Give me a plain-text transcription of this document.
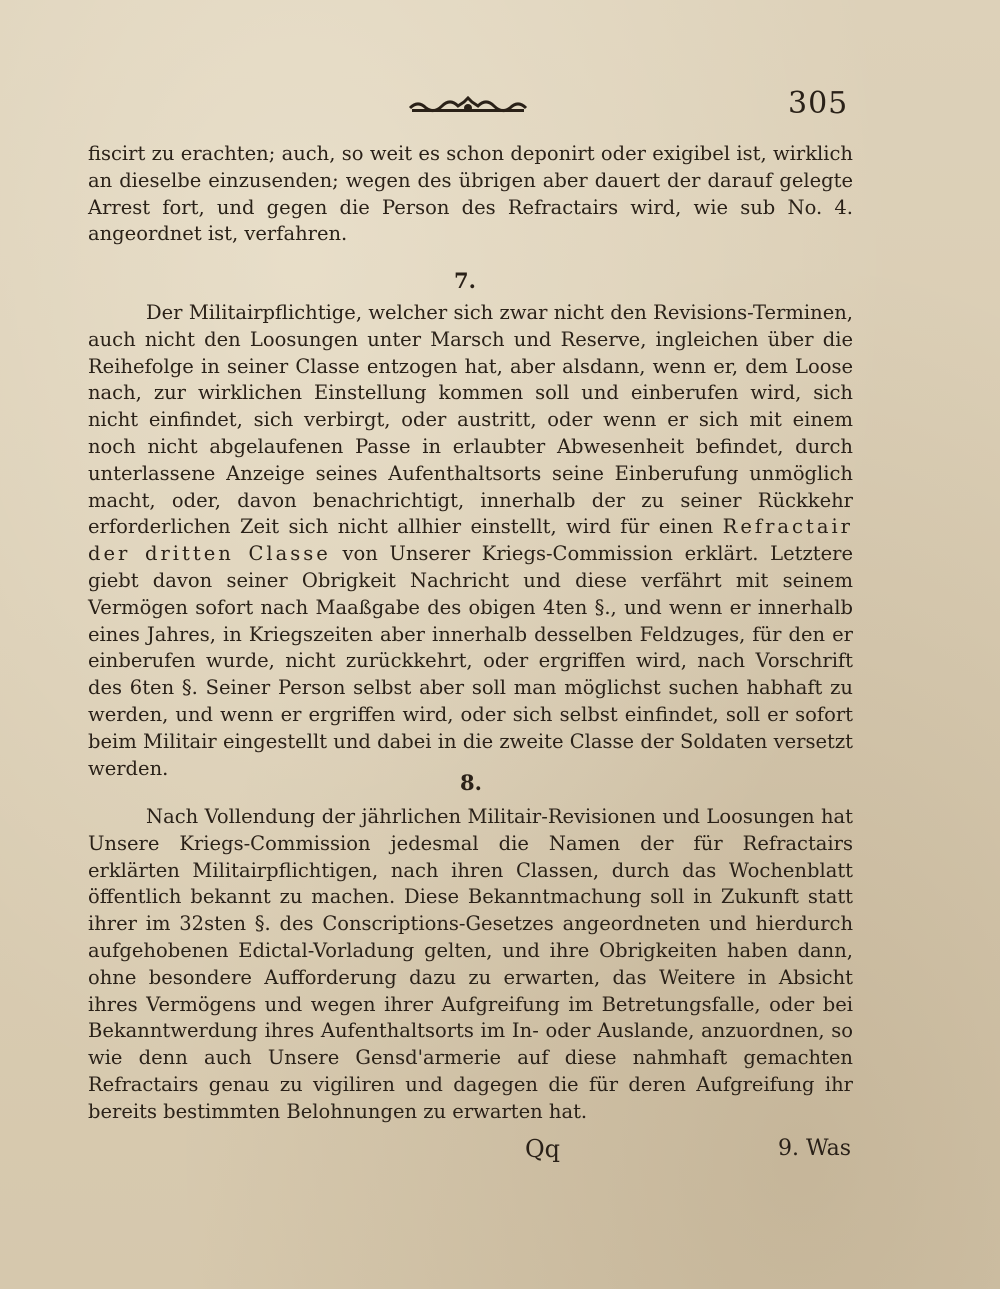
305

fiscirt zu erachten; auch, so weit es schon deponirt oder exigibel ist, wirklich an dieselbe einzusenden; wegen des übrigen aber dauert der darauf gelegte Arrest fort, und gegen die Person des Refractairs wird, wie sub No. 4. angeordnet ist, verfahren.

7.

Der Militairpflichtige, welcher sich zwar nicht den Revisions-Terminen, auch nicht den Loosungen unter Marsch und Reserve, ingleichen über die Reihefolge in seiner Classe entzogen hat, aber alsdann, wenn er, dem Loose nach, zur wirklichen Einstellung kommen soll und einberufen wird, sich nicht einfindet, sich verbirgt, oder austritt, oder wenn er sich mit einem noch nicht abgelaufenen Passe in erlaubter Abwesenheit befindet, durch unterlassene Anzeige seines Aufenthaltsorts seine Einberufung unmöglich macht, oder, davon benachrichtigt, innerhalb der zu seiner Rückkehr erforderlichen Zeit sich nicht allhier einstellt, wird für einen Refractair der dritten Classe von Unserer Kriegs-Commission erklärt. Letztere giebt davon seiner Obrigkeit Nachricht und diese verfährt mit seinem Vermögen sofort nach Maaßgabe des obigen 4ten §., und wenn er innerhalb eines Jahres, in Kriegszeiten aber innerhalb desselben Feldzuges, für den er einberufen wurde, nicht zurückkehrt, oder ergriffen wird, nach Vorschrift des 6ten §. Seiner Person selbst aber soll man möglichst suchen habhaft zu werden, und wenn er ergriffen wird, oder sich selbst einfindet, soll er sofort beim Militair eingestellt und dabei in die zweite Classe der Soldaten versetzt werden.

8.

Nach Vollendung der jährlichen Militair-Revisionen und Loosungen hat Unsere Kriegs-Commission jedesmal die Namen der für Refractairs erklärten Militairpflichtigen, nach ihren Classen, durch das Wochenblatt öffentlich bekannt zu machen. Diese Bekanntmachung soll in Zukunft statt ihrer im 32sten §. des Conscriptions-Gesetzes angeordneten und hierdurch aufgehobenen Edictal-Vorladung gelten, und ihre Obrigkeiten haben dann, ohne besondere Aufforderung dazu zu erwarten, das Weitere in Absicht ihres Vermögens und wegen ihrer Aufgreifung im Betretungsfalle, oder bei Bekanntwerdung ihres Aufenthaltsorts im In- oder Auslande, anzuordnen, so wie denn auch Unsere Gensd'armerie auf diese nahmhaft gemachten Refractairs genau zu vigiliren und dagegen die für deren Aufgreifung ihr bereits bestimmten Belohnungen zu erwarten hat.

Qq	9. Was
